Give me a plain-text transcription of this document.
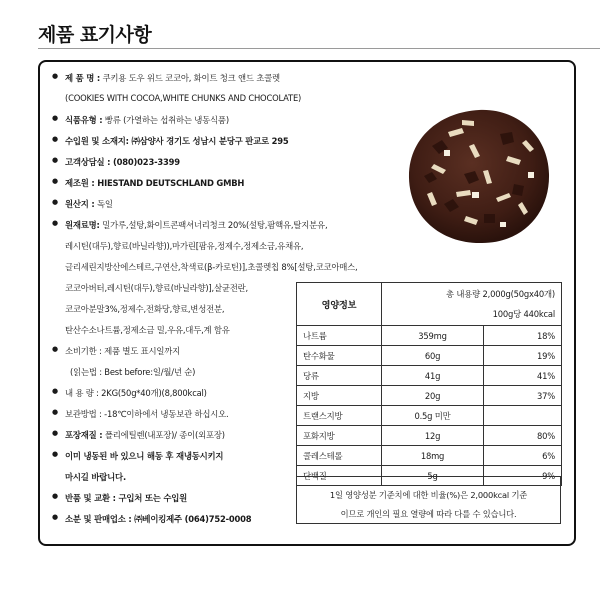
제품 표기사항
● 제 품 명 : 쿠키용 도우 위드 코코아, 화이트 청크 앤드 초콜렛
(COOKIES WITH COCOA,WHITE CHUNKS AND CHOCOLATE)
● 식품유형 : 빵류 (가열하는 섭취하는 냉동식품)
● 수입원 및 소재지: ㈜삼양사 경기도 성남시 분당구 판교로 295
● 고객상담실 : (080)023-3399
● 제조원 : HIESTAND DEUTSCHLAND GMBH
● 원산지 : 독일
● 원재료명: 밀가루,설탕,화이트콘팩셔너리청크 20%(설탕,팜핵유,탈지분유,
레시틴(대두),향료(바닐라향)),마가린[팜유,정제수,정제소금,유채유,
글리세린지방산에스테르,구연산,착색료(β-카로틴)],초콜렛칩 8%[설탕,코코아매스,
코코아버터,레시틴(대두),향료(바닐라향)],살균전란,
코코아분말3%,정제수,전화당,향료,변성전분,
탄산수소나트륨,정제소금 밀,우유,대두,계 함유
● 소비기한 : 제품 별도 표시일까지
(읽는법 : Best before:일/월/년 순)
● 내 용 량 : 2KG(50g*40개)(8,800kcal)
● 보관방법 : -18℃이하에서 냉동보관 하십시오.
● 포장재질 : 폴리에틸렌(내포장)/ 종이(외포장)
● 이미 냉동된 바 있으니 해동 후 재냉동시키지
마시길 바랍니다.
● 반품 및 교환 : 구입처 또는 수입원
● 소분 및 판매업소 : ㈜베이킹제주 (064)752-0008
영양정보	총 내용량 2,000g(50gx40개)
100g당 440kcal	

나트륨	359mg	18%
탄수화물	60g	19%
당류	41g	41%
지방	20g	37%
트랜스지방	0.5g 미만	
포화지방	12g	80%
콜레스테롤	18mg	6%
단백질	5g	9%
1일 영양성분 기준치에 대한 비율(%)은 2,000kcal 기준
이므로 개인의 필요 열량에 따라 다를 수 있습니다.
